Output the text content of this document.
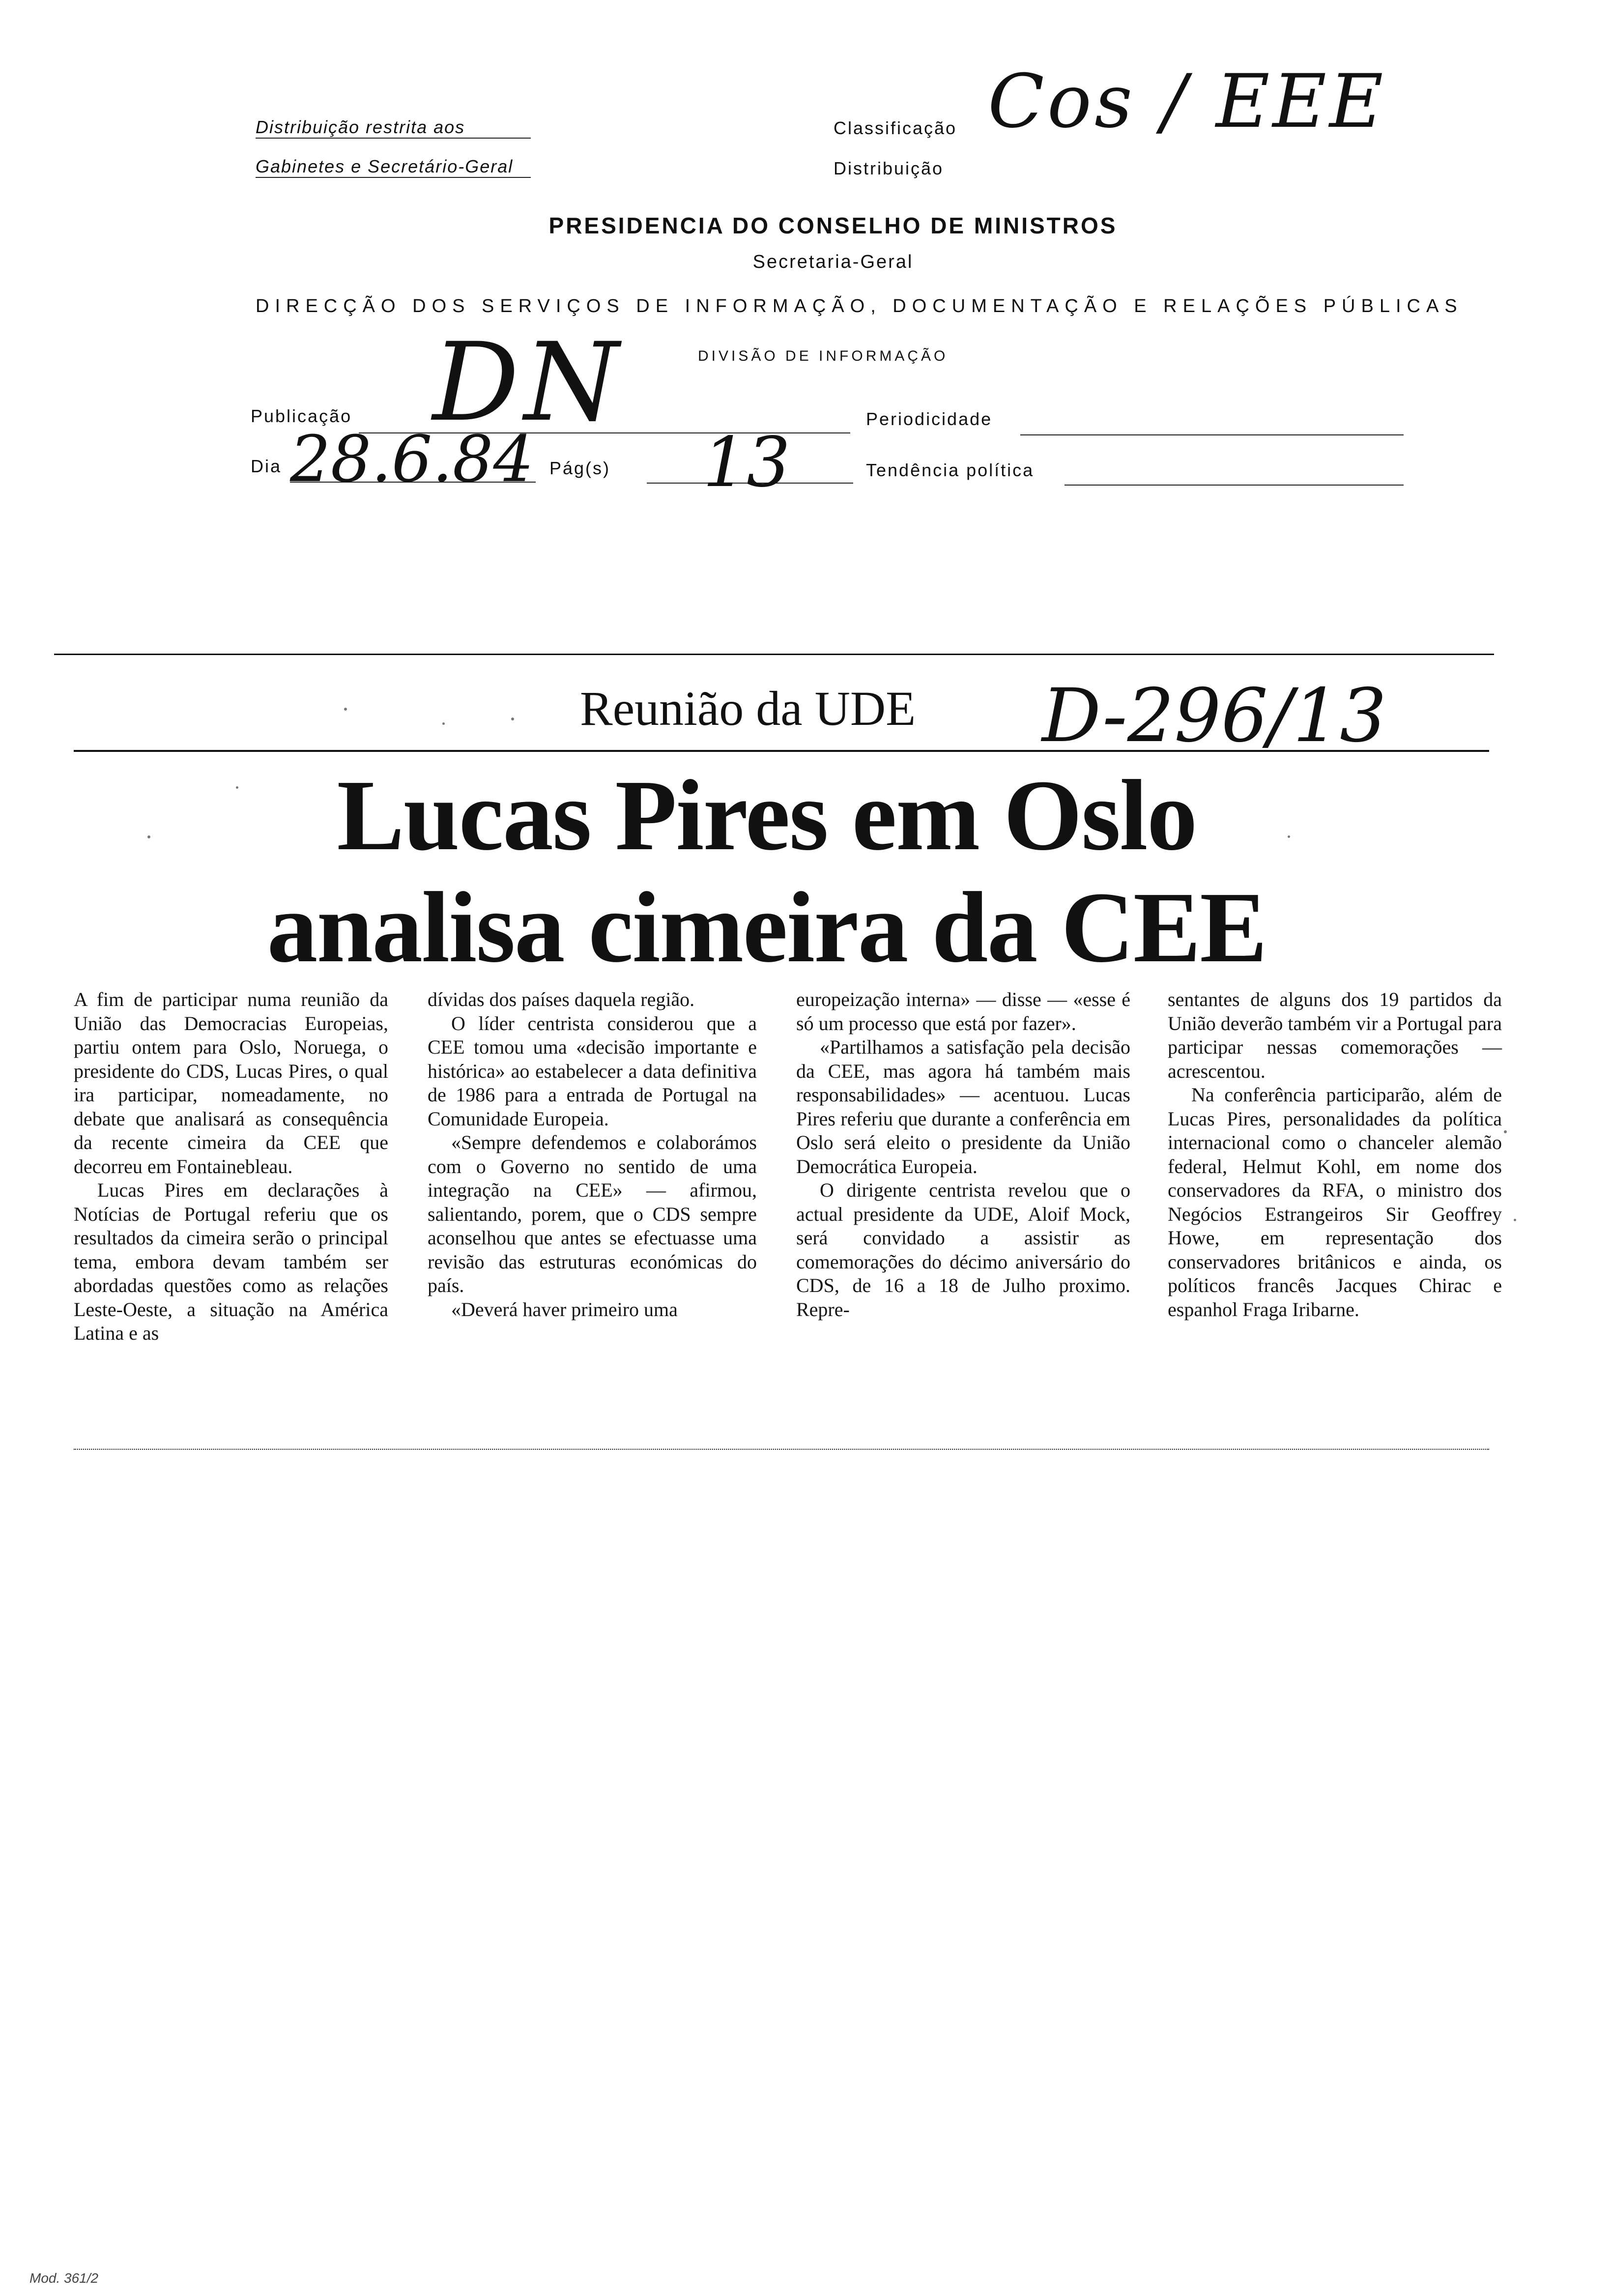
Distribuição restrita aos
Gabinetes e Secretário-Geral
Classificação
Distribuição
Cos / EEE
PRESIDENCIA DO CONSELHO DE MINISTROS
Secretaria-Geral
DIRECÇÃO DOS SERVIÇOS DE INFORMAÇÃO, DOCUMENTAÇÃO E RELAÇÕES PÚBLICAS
DIVISÃO DE INFORMAÇÃO
Publicação DN	Periodicidade
Dia 28.6.84 Pág(s) 13	Tendência política
Reunião da UDE D-296/13
Lucas Pires em Oslo
analisa cimeira da CEE

A fim de participar numa reunião da União das Democracias Europeias, partiu ontem para Oslo, Noruega, o presidente do CDS, Lucas Pires, o qual ira participar, nomeadamente, no debate que analisará as consequência da recente cimeira da CEE que decorreu em Fontainebleau.

Lucas Pires em declarações à Notícias de Portugal referiu que os resultados da cimeira serão o principal tema, embora devam também ser abordadas questões como as relações Leste-Oeste, a situação na América Latina e as

dívidas dos países daquela região.

O líder centrista considerou que a CEE tomou uma «decisão importante e histórica» ao estabelecer a data definitiva de 1986 para a entrada de Portugal na Comunidade Europeia.

«Sempre defendemos e colaborámos com o Governo no sentido de uma integração na CEE» — afirmou, salientando, porem, que o CDS sempre aconselhou que antes se efectuasse uma revisão das estruturas económicas do país.

«Deverá haver primeiro uma

europeização interna» — disse — «esse é só um processo que está por fazer».

«Partilhamos a satisfação pela decisão da CEE, mas agora há também mais responsabilidades» — acentuou. Lucas Pires referiu que durante a conferência em Oslo será eleito o presidente da União Democrática Europeia.

O dirigente centrista revelou que o actual presidente da UDE, Aloif Mock, será convidado a assistir as comemorações do décimo aniversário do CDS, de 16 a 18 de Julho proximo. Repre-

sentantes de alguns dos 19 partidos da União deverão também vir a Portugal para participar nessas comemorações — acrescentou.

Na conferência participarão, além de Lucas Pires, personalidades da política internacional como o chanceler alemão federal, Helmut Kohl, em nome dos conservadores da RFA, o ministro dos Negócios Estrangeiros Sir Geoffrey Howe, em representação dos conservadores britânicos e ainda, os políticos francês Jacques Chirac e espanhol Fraga Iribarne.

Mod. 361/2
